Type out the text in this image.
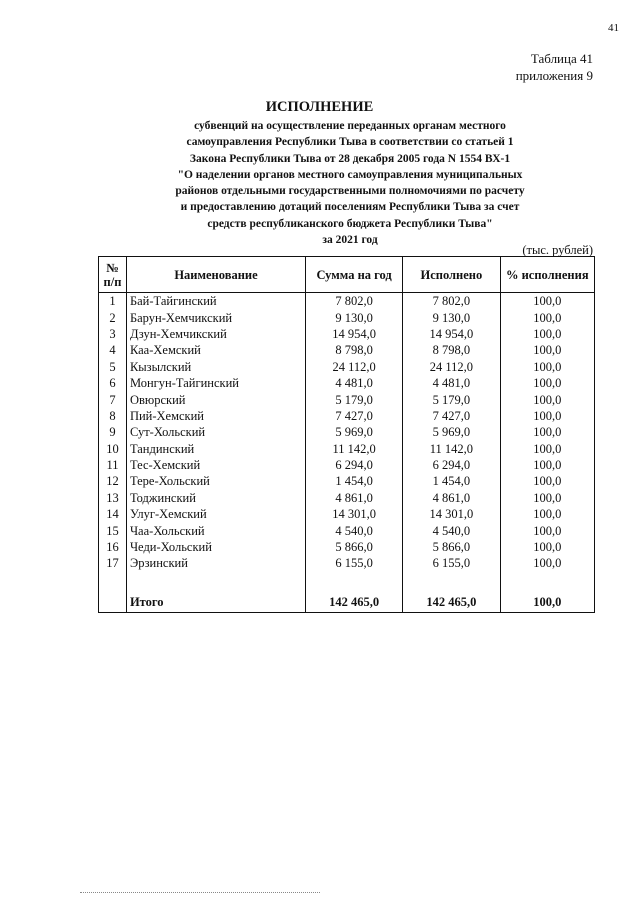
41
Таблица 41
приложения 9
ИСПОЛНЕНИЕ
субвенций на осуществление переданных органам местного
самоуправления Республики Тыва в соответствии со статьей 1
Закона Республики Тыва от 28 декабря 2005 года N 1554 ВХ-1
"О наделении органов местного самоуправления муниципальных
районов отдельными государственными полномочиями по расчету
и предоставлению дотаций поселениям Республики Тыва за счет
средств республиканского бюджета Республики Тыва"
за 2021 год
(тыс. рублей)
№
п/п	Наименование	Сумма на год	Исполнено	% исполнения
1	Бай-Тайгинский	7 802,0	7 802,0	100,0
2	Барун-Хемчикский	9 130,0	9 130,0	100,0
3	Дзун-Хемчикский	14 954,0	14 954,0	100,0
4	Каа-Хемский	8 798,0	8 798,0	100,0
5	Кызылский	24 112,0	24 112,0	100,0
6	Монгун-Тайгинский	4 481,0	4 481,0	100,0
7	Овюрский	5 179,0	5 179,0	100,0
8	Пий-Хемский	7 427,0	7 427,0	100,0
9	Сут-Хольский	5 969,0	5 969,0	100,0
10	Тандинский	11 142,0	11 142,0	100,0
11	Тес-Хемский	6 294,0	6 294,0	100,0
12	Тере-Хольский	1 454,0	1 454,0	100,0
13	Тоджинский	4 861,0	4 861,0	100,0
14	Улуг-Хемский	14 301,0	14 301,0	100,0
15	Чаа-Хольский	4 540,0	4 540,0	100,0
16	Чеди-Хольский	5 866,0	5 866,0	100,0
17	Эрзинский	6 155,0	6 155,0	100,0
	Итого	142 465,0	142 465,0	100,0
